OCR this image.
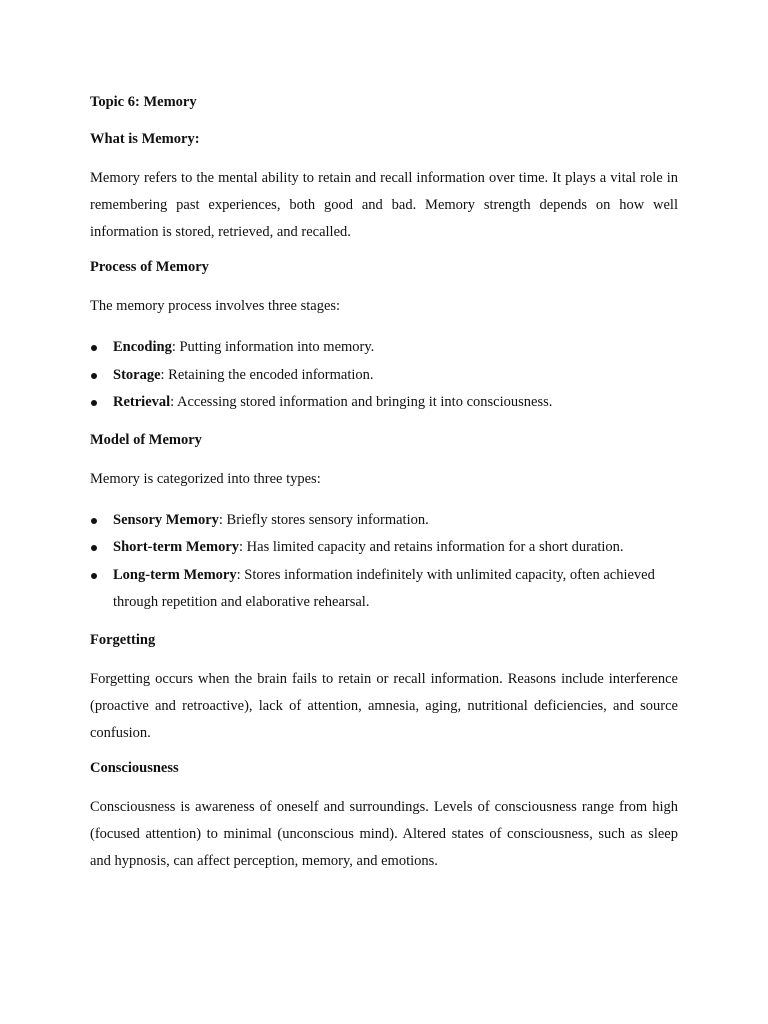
Topic 6: Memory
What is Memory:

Memory refers to the mental ability to retain and recall information over time. It plays a vital role in remembering past experiences, both good and bad. Memory strength depends on how well information is stored, retrieved, and recalled.

Process of Memory

The memory process involves three stages:

Encoding: Putting information into memory.
Storage: Retaining the encoded information.
Retrieval: Accessing stored information and bringing it into consciousness.
Model of Memory

Memory is categorized into three types:

Sensory Memory: Briefly stores sensory information.
Short-term Memory: Has limited capacity and retains information for a short duration.
Long-term Memory: Stores information indefinitely with unlimited capacity, often achieved through repetition and elaborative rehearsal.
Forgetting

Forgetting occurs when the brain fails to retain or recall information. Reasons include interference (proactive and retroactive), lack of attention, amnesia, aging, nutritional deficiencies, and source confusion.

Consciousness

Consciousness is awareness of oneself and surroundings. Levels of consciousness range from high (focused attention) to minimal (unconscious mind). Altered states of consciousness, such as sleep and hypnosis, can affect perception, memory, and emotions.
